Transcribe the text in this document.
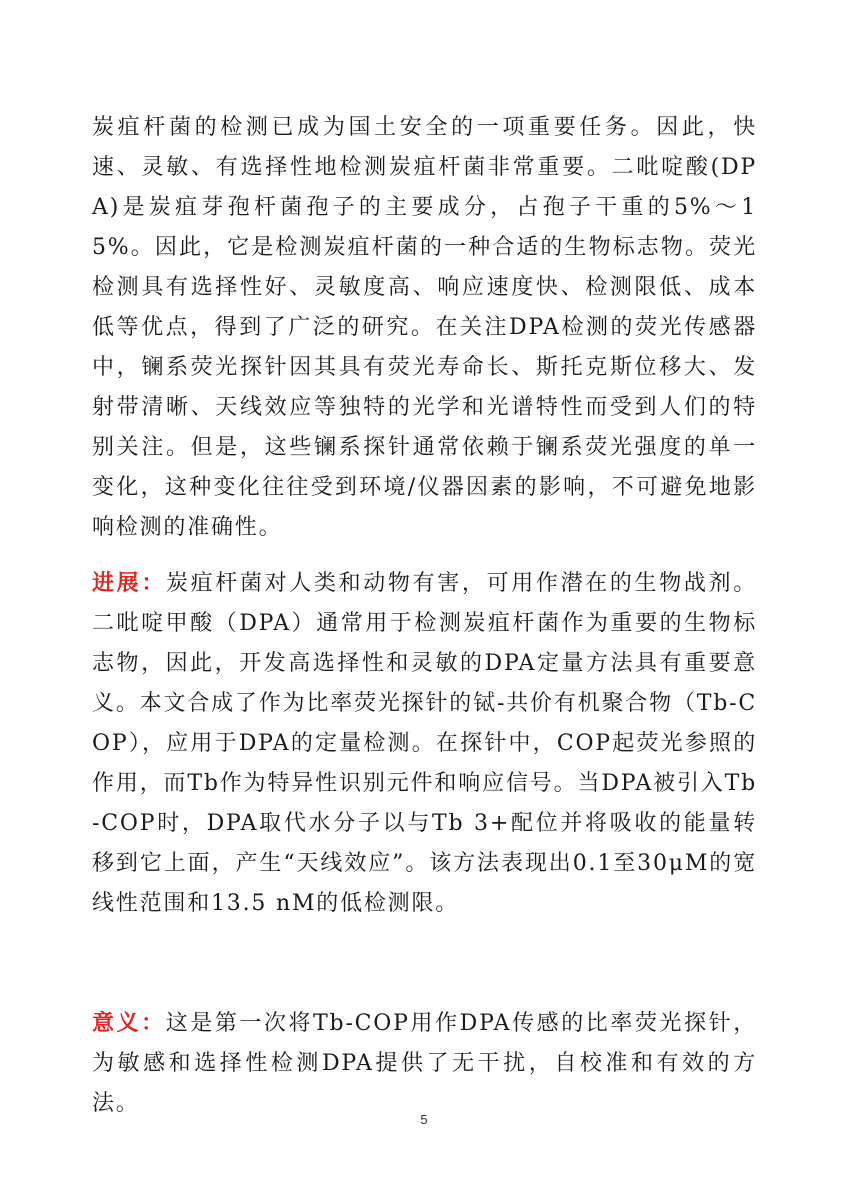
炭疽杆菌的检测已成为国土安全的一项重要任务。因此，快速、灵敏、有选择性地检测炭疽杆菌非常重要。二吡啶酸(DPA)是炭疽芽孢杆菌孢子的主要成分，占孢子干重的5%～15%。因此，它是检测炭疽杆菌的一种合适的生物标志物。荧光检测具有选择性好、灵敏度高、响应速度快、检测限低、成本低等优点，得到了广泛的研究。在关注DPA检测的荧光传感器中，镧系荧光探针因其具有荧光寿命长、斯托克斯位移大、发射带清晰、天线效应等独特的光学和光谱特性而受到人们的特别关注。但是，这些镧系探针通常依赖于镧系荧光强度的单一变化，这种变化往往受到环境/仪器因素的影响，不可避免地影响检测的准确性。

进展：炭疽杆菌对人类和动物有害，可用作潜在的生物战剂。二吡啶甲酸（DPA）通常用于检测炭疽杆菌作为重要的生物标志物，因此，开发高选择性和灵敏的DPA定量方法具有重要意义。本文合成了作为比率荧光探针的铽-共价有机聚合物（Tb-COP），应用于DPA的定量检测。在探针中，COP起荧光参照的作用，而Tb作为特异性识别元件和响应信号。当DPA被引入Tb-COP时，DPA取代水分子以与Tb 3+配位并将吸收的能量转移到它上面，产生“天线效应”。该方法表现出0.1至30μM的宽线性范围和13.5 nM的低检测限。

意义：这是第一次将Tb-COP用作DPA传感的比率荧光探针，为敏感和选择性检测DPA提供了无干扰，自校准和有效的方法。

5
